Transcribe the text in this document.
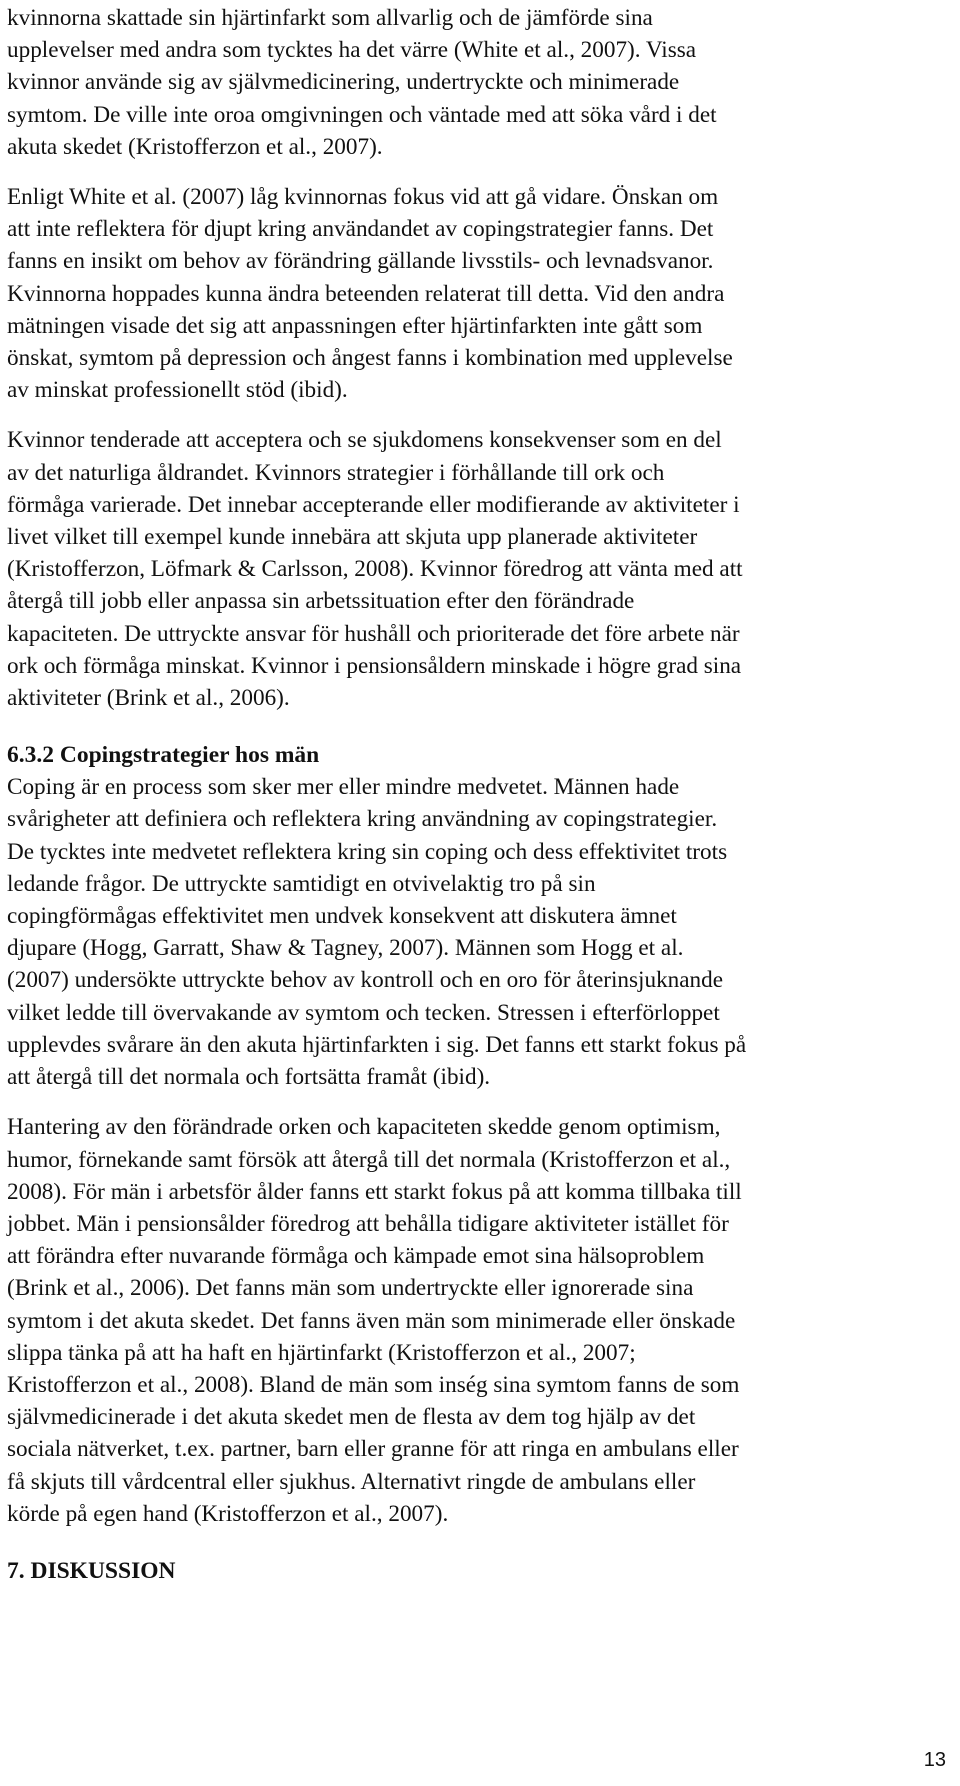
kvinnorna skattade sin hjärtinfarkt som allvarlig och de jämförde sina
upplevelser med andra som tycktes ha det värre (White et al., 2007). Vissa
kvinnor använde sig av självmedicinering, undertryckte och minimerade
symtom. De ville inte oroa omgivningen och väntade med att söka vård i det
akuta skedet (Kristofferzon et al., 2007).

Enligt White et al. (2007) låg kvinnornas fokus vid att gå vidare. Önskan om
att inte reflektera för djupt kring användandet av copingstrategier fanns. Det
fanns en insikt om behov av förändring gällande livsstils- och levnadsvanor.
Kvinnorna hoppades kunna ändra beteenden relaterat till detta. Vid den andra
mätningen visade det sig att anpassningen efter hjärtinfarkten inte gått som
önskat, symtom på depression och ångest fanns i kombination med upplevelse
av minskat professionellt stöd (ibid).

Kvinnor tenderade att acceptera och se sjukdomens konsekvenser som en del
av det naturliga åldrandet. Kvinnors strategier i förhållande till ork och
förmåga varierade. Det innebar accepterande eller modifierande av aktiviteter i
livet vilket till exempel kunde innebära att skjuta upp planerade aktiviteter
(Kristofferzon, Löfmark & Carlsson, 2008). Kvinnor föredrog att vänta med att
återgå till jobb eller anpassa sin arbetssituation efter den förändrade
kapaciteten. De uttryckte ansvar för hushåll och prioriterade det före arbete när
ork och förmåga minskat. Kvinnor i pensionsåldern minskade i högre grad sina
aktiviteter (Brink et al., 2006).

6.3.2 Copingstrategier hos män

Coping är en process som sker mer eller mindre medvetet. Männen hade
svårigheter att definiera och reflektera kring användning av copingstrategier.
De tycktes inte medvetet reflektera kring sin coping och dess effektivitet trots
ledande frågor. De uttryckte samtidigt en otvivelaktig tro på sin
copingförmågas effektivitet men undvek konsekvent att diskutera ämnet
djupare (Hogg, Garratt, Shaw & Tagney, 2007). Männen som Hogg et al.
(2007) undersökte uttryckte behov av kontroll och en oro för återinsjuknande
vilket ledde till övervakande av symtom och tecken. Stressen i efterförloppet
upplevdes svårare än den akuta hjärtinfarkten i sig. Det fanns ett starkt fokus på
att återgå till det normala och fortsätta framåt (ibid).

Hantering av den förändrade orken och kapaciteten skedde genom optimism,
humor, förnekande samt försök att återgå till det normala (Kristofferzon et al.,
2008). För män i arbetsför ålder fanns ett starkt fokus på att komma tillbaka till
jobbet. Män i pensionsålder föredrog att behålla tidigare aktiviteter istället för
att förändra efter nuvarande förmåga och kämpade emot sina hälsoproblem
(Brink et al., 2006). Det fanns män som undertryckte eller ignorerade sina
symtom i det akuta skedet. Det fanns även män som minimerade eller önskade
slippa tänka på att ha haft en hjärtinfarkt (Kristofferzon et al., 2007;
Kristofferzon et al., 2008). Bland de män som inség sina symtom fanns de som
självmedicinerade i det akuta skedet men de flesta av dem tog hjälp av det
sociala nätverket, t.ex. partner, barn eller granne för att ringa en ambulans eller
få skjuts till vårdcentral eller sjukhus. Alternativt ringde de ambulans eller
körde på egen hand (Kristofferzon et al., 2007).

7. DISKUSSION
13
